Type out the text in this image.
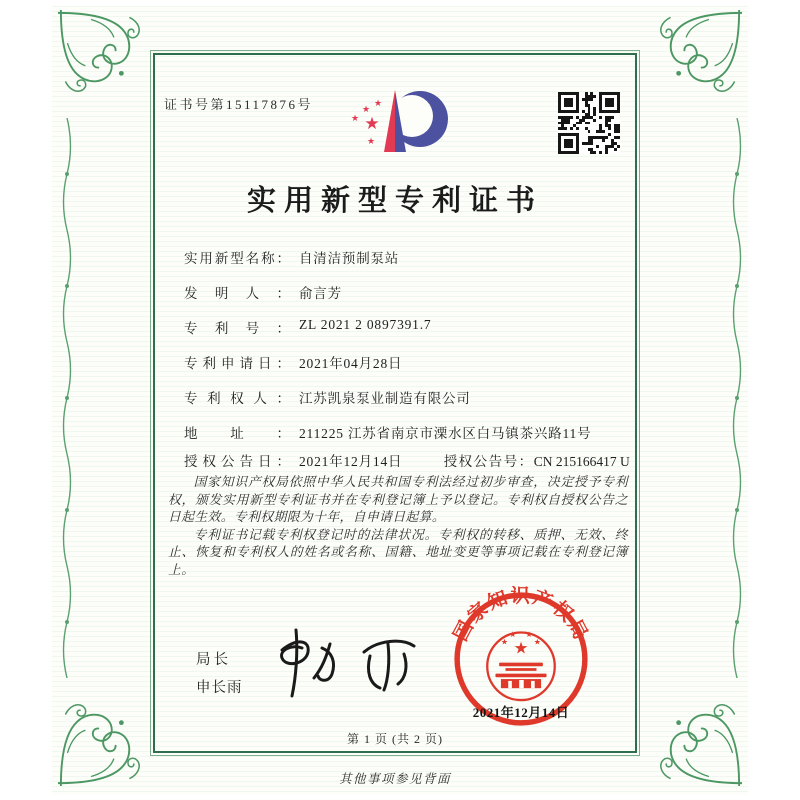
证书号第15117876号	★
★
★ ★
★
实用新型专利证书
实用新型名称： 自清洁预制泵站
发明人： 俞言芳
专利号： ZL 2021 2 0897391.7
专利申请日： 2021年04月28日
专利权人： 江苏凯泉泵业制造有限公司
地址： 211225 江苏省南京市溧水区白马镇茶兴路11号
授权公告日： 2021年12月14日	授权公告号：CN 215166417 U

国家知识产权局依照中华人民共和国专利法经过初步审查，决定授予专利权，颁发实用新型专利证书并在专利登记簿上予以登记。专利权自授权公告之日起生效。专利权期限为十年，自申请日起算。

专利证书记载专利权登记时的法律状况。专利权的转移、质押、无效、终止、恢复和专利权人的姓名或名称、国籍、地址变更等事项记载在专利登记簿上。

局长
申长雨
国家知识产权局
★
★
★ ★
★
2021年12月14日
第 1 页 (共 2 页)
其他事项参见背面
